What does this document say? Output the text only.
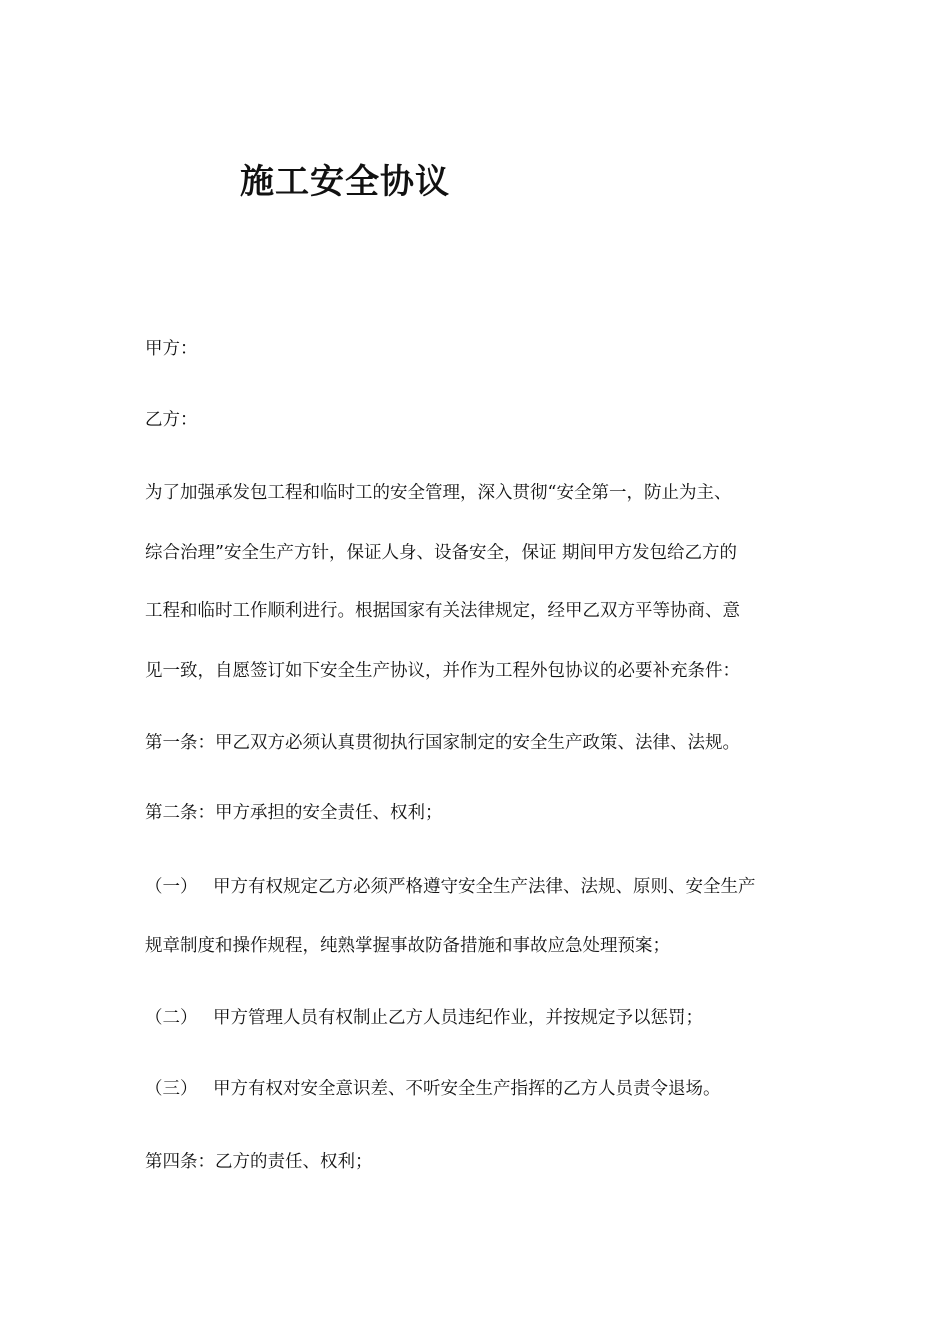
施工安全协议
甲方：
乙方：
为了加强承发包工程和临时工的安全管理，深入贯彻“安全第一，防止为主、
综合治理”安全生产方针，保证人身、设备安全，保证 期间甲方发包给乙方的
工程和临时工作顺利进行。根据国家有关法律规定，经甲乙双方平等协商、意
见一致，自愿签订如下安全生产协议，并作为工程外包协议的必要补充条件：
第一条：甲乙双方必须认真贯彻执行国家制定的安全生产政策、法律、法规。
第二条：甲方承担的安全责任、权利；
（一） 甲方有权规定乙方必须严格遵守安全生产法律、法规、原则、安全生产
规章制度和操作规程，纯熟掌握事故防备措施和事故应急处理预案；
（二） 甲方管理人员有权制止乙方人员违纪作业，并按规定予以惩罚；
（三） 甲方有权对安全意识差、不听安全生产指挥的乙方人员责令退场。
第四条：乙方的责任、权利；
